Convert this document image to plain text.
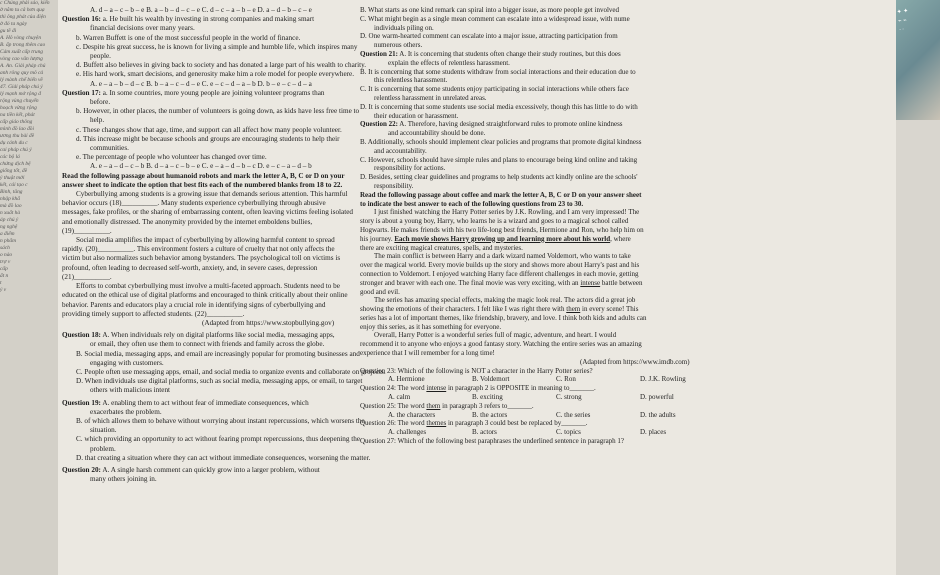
c Chúng phải sáo, kiến
ở nằm tu câ hơn quạ
thì ông phát của điện
ở đó ta ngày
gu tề đi
A. Hô vòng chuyện
B. ấp trong thêm cao
Cám xuất cấp trung
vòng cao văn lượng
A. An. Giải pháp chú
anh rông quy mô cả
lý mành chế biến về
47. Giải pháp chú ý
lý mạnh mở rộng đ
rộng vùng chuyển
hoạch vừng rộng
na tiền kết, phát
cấp giáo thông
mình đồ lao đồi
ương thu bài đề
dụ cánh du c
cai pháp chú ý
các bộ lá
chứng dịch bệ
giống tốt, đề
ý thuật mới
kết, cái tạo c
Bình, tăng
nhập khẩ
mà đồ lao
n xuất hà
áp chú ý
ng nghệ
a điểm
n phẩm
sách
o nào
trợ v
cấp
ất n
t
ý v
✦ ✦
⌁ ⌁
ᐧ ᐧ

A. d – a – c – b – e B. a – b – d – c – e C. d – c – a – b – e D. a – d – b – c – e

Question 16: a. He built his wealth by investing in strong companies and making smart

financial decisions over many years.

b. Warren Buffett is one of the most successful people in the world of finance.

c. Despite his great success, he is known for living a simple and humble life, which inspires many

people.

d. Buffett also believes in giving back to society and has donated a large part of his wealth to charity.

e. His hard work, smart decisions, and generosity make him a role model for people everywhere.

A. e – a – b – d – c B. b – a – c – d – e C. e – c – d – a – b D. b – e – c – d – a

Question 17: a. In some countries, more young people are joining volunteer programs than

before.

b. However, in other places, the number of volunteers is going down, as kids have less free time to

help.

c. These changes show that age, time, and support can all affect how many people volunteer.

d. This increase might be because schools and groups are encouraging students to help their

communities.

e. The percentage of people who volunteer has changed over time.

A. e – a – d – c – b B. d – a – c – b – e C. e – a – d – b – c D. e – c – a – d – b

Read the following passage about humanoid robots and mark the letter A, B, C or D on your

answer sheet to indicate the option that best fits each of the numbered blanks from 18 to 22.

Cyberbullying among students is a growing issue that demands serious attention. This harmful

behavior occurs (18)__________. Many students experience cyberbullying through abusive

messages, fake profiles, or the sharing of embarrassing content, often leaving victims feeling isolated

and emotionally distressed. The anonymity provided by the internet emboldens bullies,

(19)__________.

Social media amplifies the impact of cyberbullying by allowing harmful content to spread

rapidly. (20)__________. This environment fosters a culture of cruelty that not only affects the

victim but also normalizes such behavior among bystanders. The psychological toll on victims is

profound, often leading to decreased self-worth, anxiety, and, in severe cases, depression

(21)__________.

Efforts to combat cyberbullying must involve a multi-faceted approach. Students need to be

educated on the ethical use of digital platforms and encouraged to think critically about their online

behavior. Parents and educators play a crucial role in identifying signs of cyberbullying and

providing timely support to affected students. (22)__________.

(Adapted from https://www.stopbullying.gov)

Question 18: A. When individuals rely on digital platforms like social media, messaging apps,

or email, they often use them to connect with friends and family across the globe.

B. Social media, messaging apps, and email are increasingly popular for promoting businesses and

engaging with customers.

C. People often use messaging apps, email, and social media to organize events and collaborate on projects.

D. When individuals use digital platforms, such as social media, messaging apps, or email, to target

others with malicious intent

Question 19: A. enabling them to act without fear of immediate consequences, which

exacerbates the problem.

B. of which allows them to behave without worrying about instant repercussions, which worsens the

situation.

C. which providing an opportunity to act without fearing prompt repercussions, thus deepening the

problem.

D. that creating a situation where they can act without immediate consequences, worsening the matter.

Question 20: A. A single harsh comment can quickly grow into a larger problem, without

many others joining in.

B. What starts as one kind remark can spiral into a bigger issue, as more people get involved

C. What might begin as a single mean comment can escalate into a widespread issue, with nume

individuals piling on.

D. One warm-hearted comment can escalate into a major issue, attracting participation from

numerous others.

Question 21: A. It is concerning that students often change their study routines, but this does

explain the effects of relentless harassment.

B. It is concerning that some students withdraw from social interactions and their education due to

this relentless harassment.

C. It is concerning that some students enjoy participating in social interactions while others face

relentless harassment in unrelated areas.

D. It is concerning that some students use social media excessively, though this has little to do with

their education or harassment.

Question 22: A. Therefore, having designed straightforward rules to promote online kindness

and accountability should be done.

B. Additionally, schools should implement clear policies and programs that promote digital kindness

and accountability.

C. However, schools should have simple rules and plans to encourage being kind online and taking

responsibility for actions.

D. Besides, setting clear guidelines and programs to help students act kindly online are the schools'

responsibility.

Read the following passage about coffee and mark the letter A, B, C or D on your answer sheet

to indicate the best answer to each of the following questions from 23 to 30.

I just finished watching the Harry Potter series by J.K. Rowling, and I am very impressed! The

story is about a young boy, Harry, who learns he is a wizard and goes to a magical school called

Hogwarts. He makes friends with his two life-long best friends, Hermione and Ron, who help him on

his journey. Each movie shows Harry growing up and learning more about his world, where

there are exciting magical creatures, spells, and mysteries.

The main conflict is between Harry and a dark wizard named Voldemort, who wants to take

over the magical world. Every movie builds up the story and shows more about Harry's past and his

connection to Voldemort. I enjoyed watching Harry face different challenges in each movie, getting

stronger and braver with each one. The final movie was very exciting, with an intense battle between

good and evil.

The series has amazing special effects, making the magic look real. The actors did a great job

showing the emotions of their characters. I felt like I was right there with them in every scene! This

series has a lot of important themes, like friendship, bravery, and love. I think both kids and adults can

enjoy this series, as it has something for everyone.

Overall, Harry Potter is a wonderful series full of magic, adventure, and heart. I would

recommend it to anyone who enjoys a good fantasy story. Watching the entire series was an amazing

experience that I will remember for a long time!

(Adapted from https://www.imdb.com)

Question 23: Which of the following is NOT a character in the Harry Potter series?

A. Hermione	B. Voldemort	C. Ron	D. J.K. Rowling

Question 24: The word intense in paragraph 2 is OPPOSITE in meaning to_______.

A. calm	B. exciting	C. strong	D. powerful

Question 25: The word them in paragraph 3 refers to_______.

A. the characters	B. the actors	C. the series	D. the adults

Question 26: The word themes in paragraph 3 could best be replaced by_______.

A. challenges	B. actors	C. topics	D. places

Question 27: Which of the following best paraphrases the underlined sentence in paragraph 1?
